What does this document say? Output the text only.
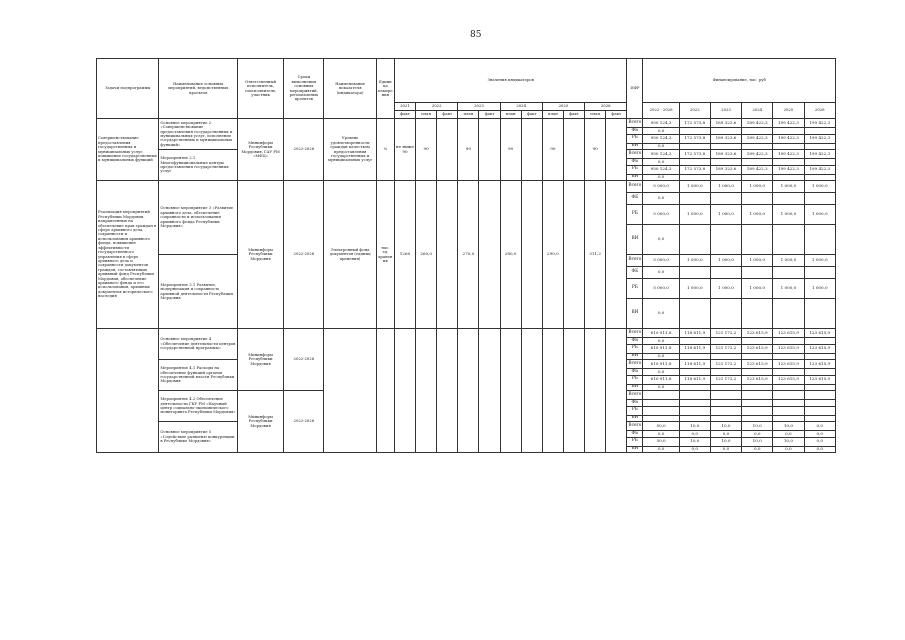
85
Задачи подпрограммы	Наименование основных мероприятий, ведомственных проектов	Ответственный исполнитель, соисполнитель, участник	Сроки выполнения основных мероприятий, региональных проектов	Наименование показателя (индикатора)	Единица измерения	Значения индикаторов											ИФР	Финансирование, тыс. руб					
						2021	2022		2023		2024		2025		2026			2022 - 2026	2022	2023	2024	2025	2026
						факт	план	факт	план	факт	план	факт	план	факт	план	факт							
Совершенствование предоставления государственных и муниципальных услуг, повышение государственных и муниципальных функций	Основное мероприятие 2 «Совершенствование предоставления государственных и муниципальных услуг, исполнение государственных и муниципальных функций»	Мининформ Республики Мордовия, ГАУ РМ «МФЦ»	2022-2026	Уровень удовлетворенности граждан качеством предоставления государственных и муниципальных услуг	%	не ниже 90	90		90		90		90		90		Всего	950 124,3	172 573,8	189 323,6	189 422,3	199 422,3	199 422,3
																	ФБ	0,0					
																	РБ	950 124,3	172 573,8	189 323,6	189 422,3	199 422,3	199 422,3
																	ВИ	0,0					
	Мероприятие 2.1 Многофункциональные центры предоставления государственных услуг																Всего	950 124,3	172 573,8	189 323,6	189 422,3	199 422,3	199 422,3
																	ФБ	0,0					
																	РБ	950 124,3	172 573,8	189 323,6	189 422,3	199 422,3	199 422,3
																	ВИ	0,0					
Реализация мероприятий Республики Мордовия, направленных на обеспечение прав граждан в сфере архивного дела, сохранности и использования архивного фонда, повышение эффективности государственного управления в сфере архивного дела и сохранности документов граждан, составляющих архивный фонд Республики Мордовия, обеспечение архивного фонда и его использования, архивных документов исторического наследия	Основное мероприятие 3 «Развитие архивного дела, обеспечение сохранности и использования архивного фонда Республики Мордовия»	Мининформ Республики Мордовия	2022-2026	Электронный фонд документов (единиц хранения)	тыс. ед. хранения	1260	260,0		270,0		280,0		290,0		311,2		Всего	5 000,0	1 000,0	1 000,0	1 000,0	1 000,0	1 000,0
																	ФБ	0,0					
																	РБ	5 000,0	1 000,0	1 000,0	1 000,0	1 000,0	1 000,0
																	ВИ	0,0					
	Мероприятие 3.1 Развитие, модернизация и сохранность архивной деятельности Республики Мордовия																Всего	5 000,0	1 000,0	1 000,0	1 000,0	1 000,0	1 000,0
																	ФБ	0,0					
																	РБ	5 000,0	1 000,0	1 000,0	1 000,0	1 000,0	1 000,0
																	ВИ	0,0					
	Основное мероприятие 4 «Обеспечение деятельности центров государственной программы»	Мининформ Республики Мордовия	2022-2026														Всего	610 911,8	118 611,9	121 172,2	123 615,9	123 615,9	123 615,9
																	ФБ	0,0					
																	РБ	610 911,8	118 611,9	121 172,2	123 615,9	123 615,9	123 615,9
																	ВИ	0,0					
	Мероприятие 4.1 Расходы на обеспечение функций органов государственной власти Республики Мордовия																Всего	610 911,8	118 611,9	121 172,2	123 615,9	123 615,9	123 615,9
																	ФБ	0,0					
																	РБ	610 911,8	118 611,9	121 172,2	123 615,9	123 615,9	123 615,9
																	ВИ	0,0					
	Мероприятие 4.2 Обеспечение деятельности ГКУ РМ «Научный центр социально-экономического мониторинга Республики Мордовия»	Мининформ Республики Мордовия	2022-2026														Всего						
																	ФБ						
																	РБ						
																	ВИ						
	Основное мероприятие 5 «Содействие развитию конкуренции в Республике Мордовия»																Всего	50,0	10,0	10,0	10,0	10,0	0,0
																	ФБ	0,0	0,0	0,0	0,0	0,0	0,0
																	РБ	50,0	10,0	10,0	10,0	10,0	0,0
																	ВИ	0,0	0,0	0,0	0,0	0,0	0,0
